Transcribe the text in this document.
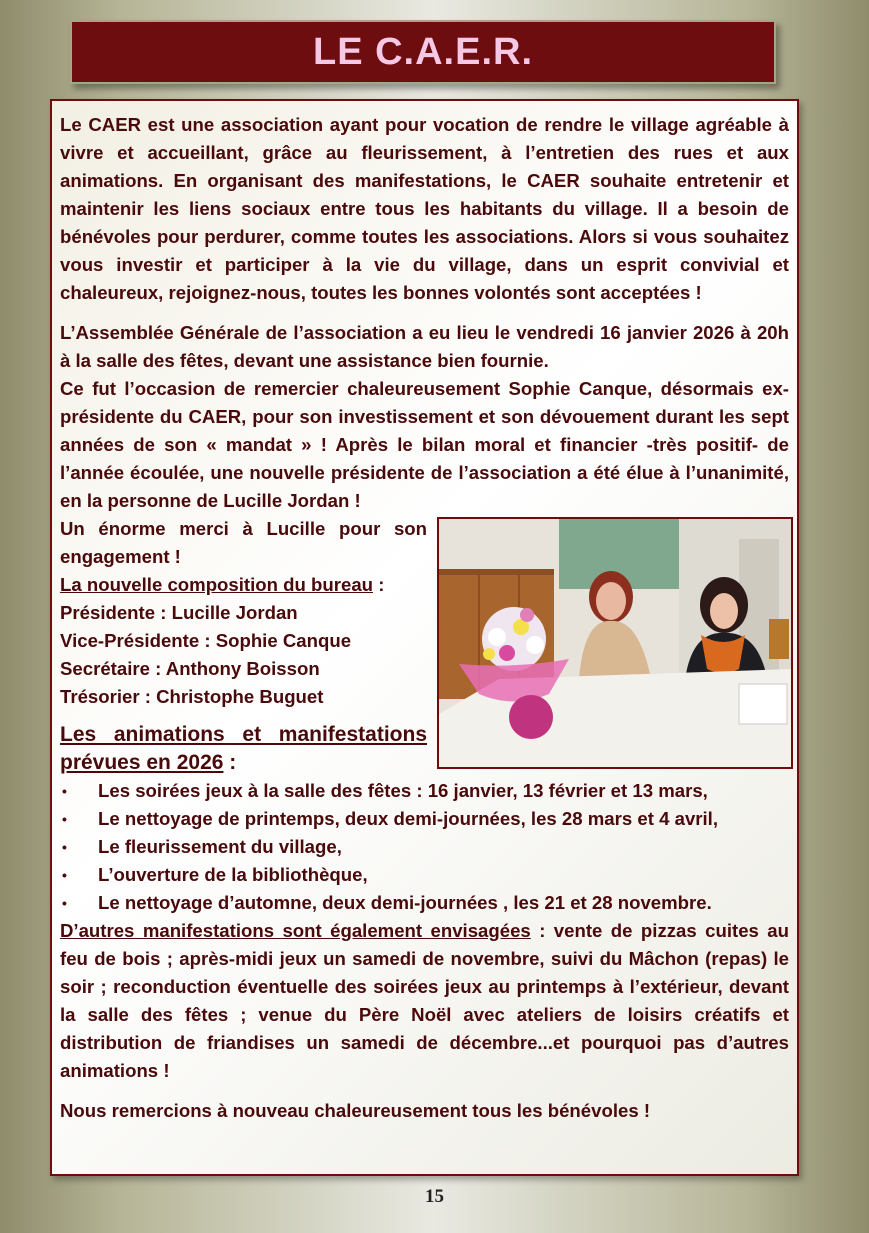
LE C.A.E.R.

Le CAER est une association ayant pour vocation de rendre le village agréable à vivre et accueillant, grâce au fleurissement, à l’entretien des rues et aux animations. En organisant des manifestations, le CAER souhaite entretenir et maintenir les liens sociaux entre tous les habitants du village. Il a besoin de bénévoles pour perdurer, comme toutes les associations. Alors si vous souhaitez vous investir et participer à la vie du village, dans un esprit convivial et chaleureux, rejoignez-nous, toutes les bonnes volontés sont acceptées !

L’Assemblée Générale de l’association a eu lieu le vendredi 16 janvier 2026 à 20h à la salle des fêtes, devant une assistance bien fournie.

Ce fut l’occasion de remercier chaleureusement Sophie Canque, désormais ex-présidente du CAER, pour son investissement et son dévouement durant les sept années de son « mandat » ! Après le bilan moral et financier -très positif- de l’année écoulée, une nouvelle présidente de l’association a été élue à l’unanimité, en la personne de Lucille Jordan !

Un énorme merci à Lucille pour son engagement !

La nouvelle composition du bureau :

Présidente : Lucille Jordan
Vice-Présidente : Sophie Canque
Secrétaire : Anthony Boisson
Trésorier : Christophe Buguet

Les animations et manifestations prévues en 2026 :

• Les soirées jeux à la salle des fêtes : 16 janvier, 13 février et 13 mars,
• Le nettoyage de printemps, deux demi-journées, les 28 mars et 4 avril,
• Le fleurissement du village,
• L’ouverture de la bibliothèque,
• Le nettoyage d’automne, deux demi-journées , les 21 et 28 novembre.

D’autres manifestations sont également envisagées : vente de pizzas cuites au feu de bois ; après-midi jeux un samedi de novembre, suivi du Mâchon (repas) le soir ; reconduction éventuelle des soirées jeux au printemps à l’extérieur, devant la salle des fêtes ; venue du Père Noël avec ateliers de loisirs créatifs et distribution de friandises un samedi de décembre...et pourquoi pas d’autres animations !

Nous remercions à nouveau chaleureusement tous les bénévoles !

15
